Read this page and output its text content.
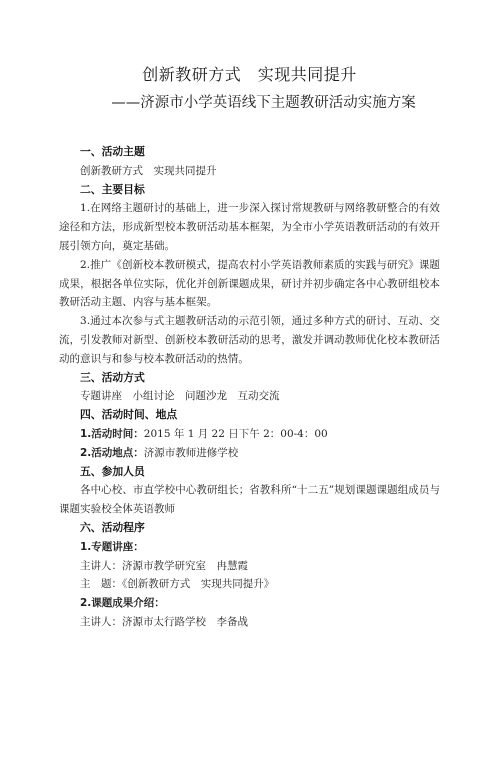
创新教研方式　实现共同提升
——济源市小学英语线下主题教研活动实施方案
一、活动主题
创新教研方式　实现共同提升
二、主要目标
1.在网络主题研讨的基础上，进一步深入探讨常规教研与网络教研整合的有效途径和方法，形成新型校本教研活动基本框架，为全市小学英语教研活动的有效开展引领方向，奠定基础。
2.推广《创新校本教研模式，提高农村小学英语教师素质的实践与研究》课题成果，根据各单位实际，优化并创新课题成果，研讨并初步确定各中心教研组校本教研活动主题、内容与基本框架。
3.通过本次参与式主题教研活动的示范引领，通过多种方式的研讨、互动、交流，引发教师对新型、创新校本教研活动的思考，激发并调动教师优化校本教研活动的意识与和参与校本教研活动的热情。
三、活动方式
专题讲座　小组讨论　问题沙龙　互动交流
四、活动时间、地点
1.活动时间：2015 年 1 月 22 日下午 2：00-4：00
2.活动地点：济源市教师进修学校
五、参加人员
各中心校、市直学校中心教研组长；省教科所“十二五”规划课题课题组成员与课题实验校全体英语教师
六、活动程序
1.专题讲座：
主讲人：济源市教学研究室　冉慧霞
主　题：《创新教研方式　实现共同提升》
2.课题成果介绍：
主讲人：济源市太行路学校　李备战
